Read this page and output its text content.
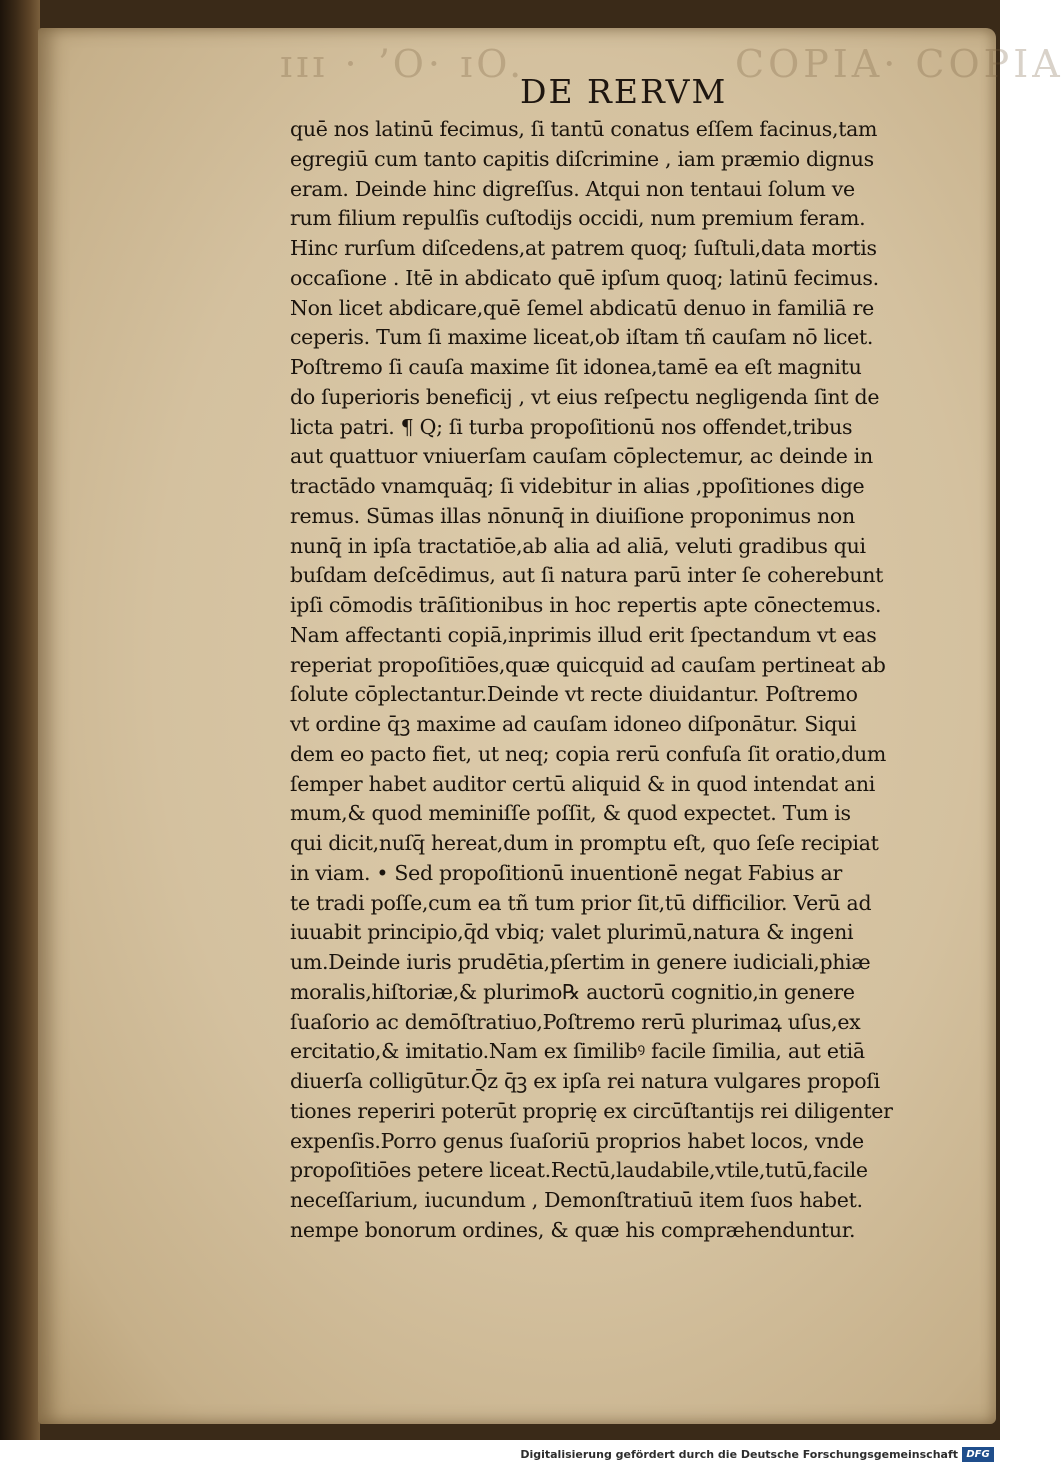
ɪɪɪ · ʼO· ɪO.	COPIA· COPIA
DE RERVM
quē nos latinū fecimus, ſi tantū conatus eſſem facinus,tam
egregiū cum tanto capitis diſcrimine , iam præmio dignus
eram. Deinde hinc digreſſus. Atqui non tentaui ſolum ve
rum filium repulſis cuſtodijs occidi, num premium feram.
Hinc rurſum diſcedens,at patrem quoq; ſuſtuli,data mortis
occaſione . Itē in abdicato quē ipſum quoq; latinū fecimus.
Non licet abdicare,quē ſemel abdicatū denuo in familiā re
ceperis. Tum ſi maxime liceat,ob iſtam tñ cauſam nō licet.
Poſtremo ſi cauſa maxime ſit idonea,tamē ea eſt magnitu
do ſuperioris beneficij , vt eius reſpectu negligenda ſint de
licta patri. ¶ Q; ſi turba propoſitionū nos offendet,tribus
aut quattuor vniuerſam cauſam cōplectemur, ac deinde in
tractādo vnamquāq; ſi videbitur in alias ,ppoſitiones dige
remus. Sūmas illas nōnunq̄ in diuiſione proponimus non
nunq̄ in ipſa tractatiōe,ab alia ad aliā, veluti gradibus qui
buſdam deſcēdimus, aut ſi natura parū inter ſe coherebunt
ipſi cōmodis trāſitionibus in hoc repertis apte cōnectemus.
Nam affectanti copiā,inprimis illud erit ſpectandum vt eas
reperiat propoſitiōes,quæ quicquid ad cauſam pertineat ab
ſolute cōplectantur.Deinde vt recte diuidantur. Poſtremo
vt ordine q̄ꝫ maxime ad cauſam idoneo diſponātur. Siqui
dem eo pacto fiet, ut neq; copia rerū confuſa ſit oratio,dum
ſemper habet auditor certū aliquid & in quod intendat ani
mum,& quod meminiſſe poſſit, & quod expectet. Tum is
qui dicit,nuſq̄ hereat,dum in promptu eſt, quo ſeſe recipiat
in viam. • Sed propoſitionū inuentionē negat Fabius ar
te tradi poſſe,cum ea tñ tum prior ſit,tū difficilior. Verū ad
iuuabit principio,q̄d vbiq; valet plurimū,natura & ingeni
um.Deinde iuris prudētia,pſertim in genere iudiciali,phiæ
moralis,hiſtoriæ,& plurimo℞ auctorū cognitio,in genere
ſuaſorio ac demōſtratiuo,Poſtremo rerū plurimaꝝ uſus,ex
ercitatio,& imitatio.Nam ex ſimilibꝰ facile ſimilia, aut etiā
diuerſa colligūtur.Q̄z q̄ꝫ ex ipſa rei natura vulgares propoſi
tiones reperiri poterūt proprię ex circūſtantijs rei diligenter
expenſis.Porro genus ſuaſoriū proprios habet locos, vnde
propoſitiōes petere liceat.Rectū,laudabile,vtile,tutū,facile
neceſſarium, iucundum , Demonſtratiuū item ſuos habet.
nempe bonorum ordines, & quæ his compræhenduntur.
Digitalisierung gefördert durch die Deutsche Forschungsgemeinschaft DFG
